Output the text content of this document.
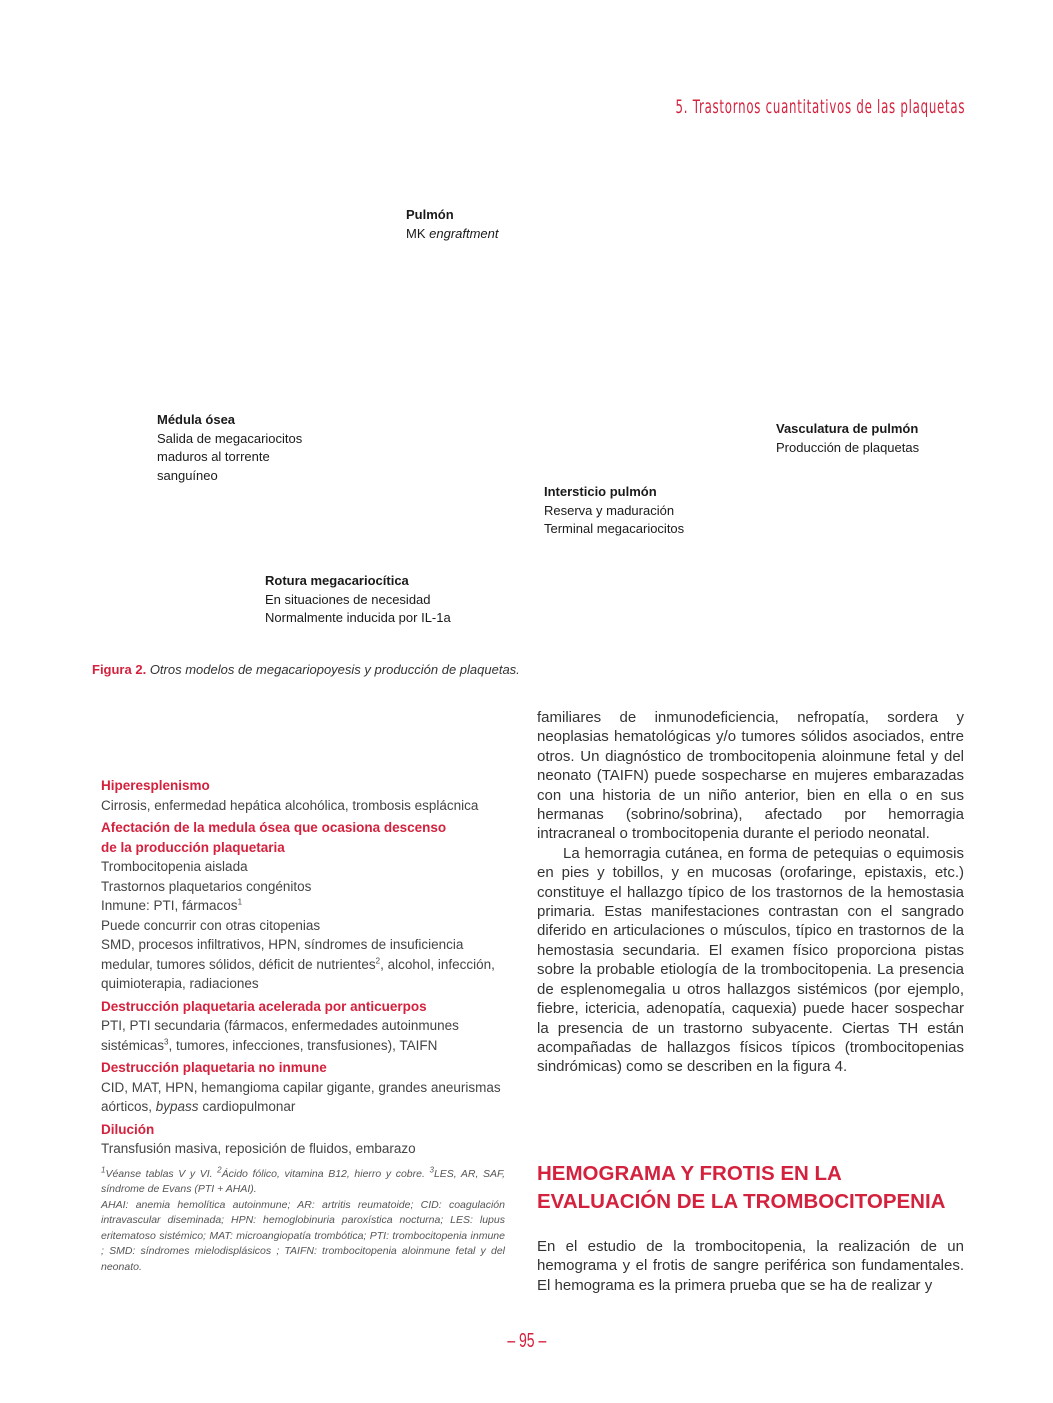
5. Trastornos cuantitativos de las plaquetas
Pulmón
MK engraftment
Médula ósea
Salida de megacariocitos
maduros al torrente
sanguíneo
Vasculatura de pulmón
Producción de plaquetas
Intersticio pulmón
Reserva y maduración
Terminal megacariocitos
Rotura megacariocítica
En situaciones de necesidad
Normalmente inducida por IL-1a
Figura 2. Otros modelos de megacariopoyesis y producción de plaquetas.
Hiperesplenismo
Cirrosis, enfermedad hepática alcohólica, trombosis esplácnica
Afectación de la medula ósea que ocasiona descenso
de la producción plaquetaria
Trombocitopenia aislada
Trastornos plaquetarios congénitos
Inmune: PTI, fármacos$^1$
Puede concurrir con otras citopenias
SMD, procesos infiltrativos, HPN, síndromes de insuficiencia medular, tumores sólidos, déficit de nutrientes$^2$, alcohol, infección, quimioterapia, radiaciones
Destrucción plaquetaria acelerada por anticuerpos
PTI, PTI secundaria (fármacos, enfermedades autoinmunes sistémicas$^3$, tumores, infecciones, transfusiones), TAIFN
Destrucción plaquetaria no inmune
CID, MAT, HPN, hemangioma capilar gigante, grandes aneurismas aórticos, bypass cardiopulmonar
Dilución
Transfusión masiva, reposición de fluidos, embarazo
$^1$Véanse tablas V y VI. $^2$Ácido fólico, vitamina B12, hierro y cobre. $^3$LES, AR, SAF, síndrome de Evans (PTI + AHAI).
AHAI: anemia hemolítica autoinmune; AR: artritis reumatoide; CID: coagulación intravascular diseminada; HPN: hemoglobinuria paroxística nocturna; LES: lupus eritematoso sistémico; MAT: microangiopatía trombótica; PTI: trombocitopenia inmune ; SMD: síndromes mielodisplásicos ; TAIFN: trombocitopenia aloinmune fetal y del neonato.

familiares de inmunodeficiencia, nefropatía, sordera y neoplasias hematológicas y/o tumores sólidos asociados, entre otros. Un diagnóstico de trombocitopenia aloinmune fetal y del neonato (TAIFN) puede sospecharse en mujeres embarazadas con una historia de un niño anterior, bien en ella o en sus hermanas (sobrino/sobrina), afectado por hemorragia intracraneal o trombocitopenia durante el periodo neonatal.

La hemorragia cutánea, en forma de petequias o equimosis en pies y tobillos, y en mucosas (orofaringe, epistaxis, etc.) constituye el hallazgo típico de los trastornos de la hemostasia primaria. Estas manifestaciones contrastan con el sangrado diferido en articulaciones o músculos, típico en trastornos de la hemostasia secundaria. El examen físico proporciona pistas sobre la probable etiología de la trombocitopenia. La presencia de esplenomegalia u otros hallazgos sistémicos (por ejemplo, fiebre, ictericia, adenopatía, caquexia) puede hacer sospechar la presencia de un trastorno subyacente. Ciertas TH están acompañadas de hallazgos físicos típicos (trombocitopenias sindrómicas) como se describen en la figura 4.

HEMOGRAMA Y FROTIS EN LA
EVALUACIÓN DE LA TROMBOCITOPENIA

En el estudio de la trombocitopenia, la realización de un hemograma y el frotis de sangre periférica son fundamentales. El hemograma es la primera prueba que se ha de realizar y

– 95 –
